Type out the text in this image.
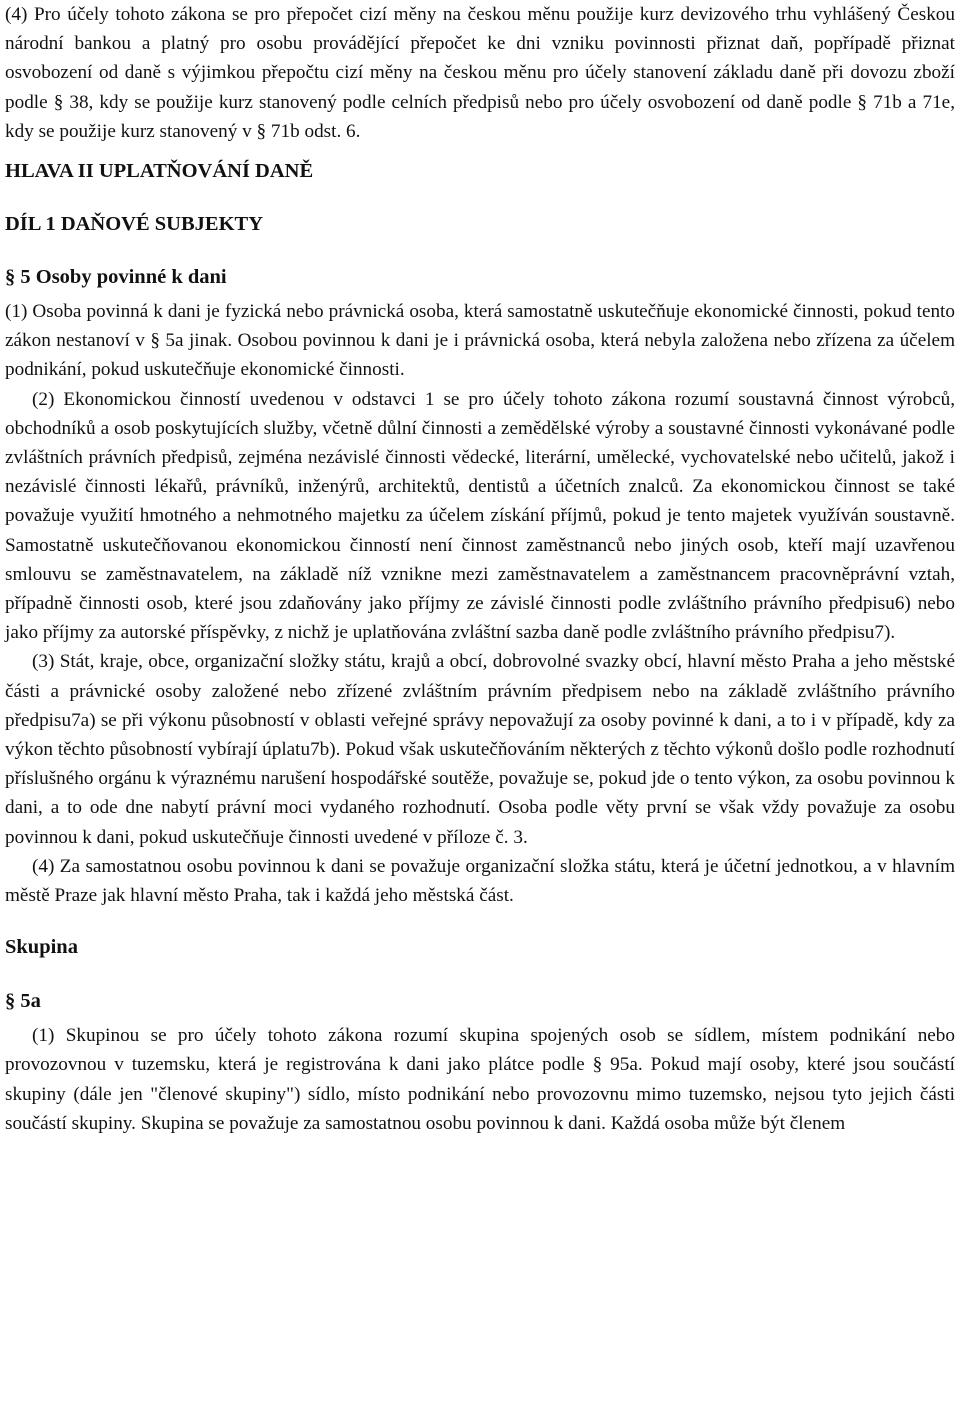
(4) Pro účely tohoto zákona se pro přepočet cizí měny na českou měnu použije kurz devizového trhu vyhlášený Českou národní bankou a platný pro osobu provádějící přepočet ke dni vzniku povinnosti přiznat daň, popřípadě přiznat osvobození od daně s výjimkou přepočtu cizí měny na českou měnu pro účely stanovení základu daně při dovozu zboží podle § 38, kdy se použije kurz stanovený podle celních předpisů nebo pro účely osvobození od daně podle § 71b a 71e, kdy se použije kurz stanovený v § 71b odst. 6.

HLAVA II UPLATŇOVÁNÍ DANĚ
DÍL 1 DAŇOVÉ SUBJEKTY
§ 5 Osoby povinné k dani

(1) Osoba povinná k dani je fyzická nebo právnická osoba, která samostatně uskutečňuje ekonomické činnosti, pokud tento zákon nestanoví v § 5a jinak. Osobou povinnou k dani je i právnická osoba, která nebyla založena nebo zřízena za účelem podnikání, pokud uskutečňuje ekonomické činnosti.

(2) Ekonomickou činností uvedenou v odstavci 1 se pro účely tohoto zákona rozumí soustavná činnost výrobců, obchodníků a osob poskytujících služby, včetně důlní činnosti a zemědělské výroby a soustavné činnosti vykonávané podle zvláštních právních předpisů, zejména nezávislé činnosti vědecké, literární, umělecké, vychovatelské nebo učitelů, jakož i nezávislé činnosti lékařů, právníků, inženýrů, architektů, dentistů a účetních znalců. Za ekonomickou činnost se také považuje využití hmotného a nehmotného majetku za účelem získání příjmů, pokud je tento majetek využíván soustavně. Samostatně uskutečňovanou ekonomickou činností není činnost zaměstnanců nebo jiných osob, kteří mají uzavřenou smlouvu se zaměstnavatelem, na základě níž vznikne mezi zaměstnavatelem a zaměstnancem pracovněprávní vztah, případně činnosti osob, které jsou zdaňovány jako příjmy ze závislé činnosti podle zvláštního právního předpisu6) nebo jako příjmy za autorské příspěvky, z nichž je uplatňována zvláštní sazba daně podle zvláštního právního předpisu7).

(3) Stát, kraje, obce, organizační složky státu, krajů a obcí, dobrovolné svazky obcí, hlavní město Praha a jeho městské části a právnické osoby založené nebo zřízené zvláštním právním předpisem nebo na základě zvláštního právního předpisu7a) se při výkonu působností v oblasti veřejné správy nepovažují za osoby povinné k dani, a to i v případě, kdy za výkon těchto působností vybírají úplatu7b). Pokud však uskutečňováním některých z těchto výkonů došlo podle rozhodnutí příslušného orgánu k výraznému narušení hospodářské soutěže, považuje se, pokud jde o tento výkon, za osobu povinnou k dani, a to ode dne nabytí právní moci vydaného rozhodnutí. Osoba podle věty první se však vždy považuje za osobu povinnou k dani, pokud uskutečňuje činnosti uvedené v příloze č. 3.

(4) Za samostatnou osobu povinnou k dani se považuje organizační složka státu, která je účetní jednotkou, a v hlavním městě Praze jak hlavní město Praha, tak i každá jeho městská část.

Skupina
§ 5a

(1) Skupinou se pro účely tohoto zákona rozumí skupina spojených osob se sídlem, místem podnikání nebo provozovnou v tuzemsku, která je registrována k dani jako plátce podle § 95a. Pokud mají osoby, které jsou součástí skupiny (dále jen "členové skupiny") sídlo, místo podnikání nebo provozovnu mimo tuzemsko, nejsou tyto jejich části součástí skupiny. Skupina se považuje za samostatnou osobu povinnou k dani. Každá osoba může být členem
